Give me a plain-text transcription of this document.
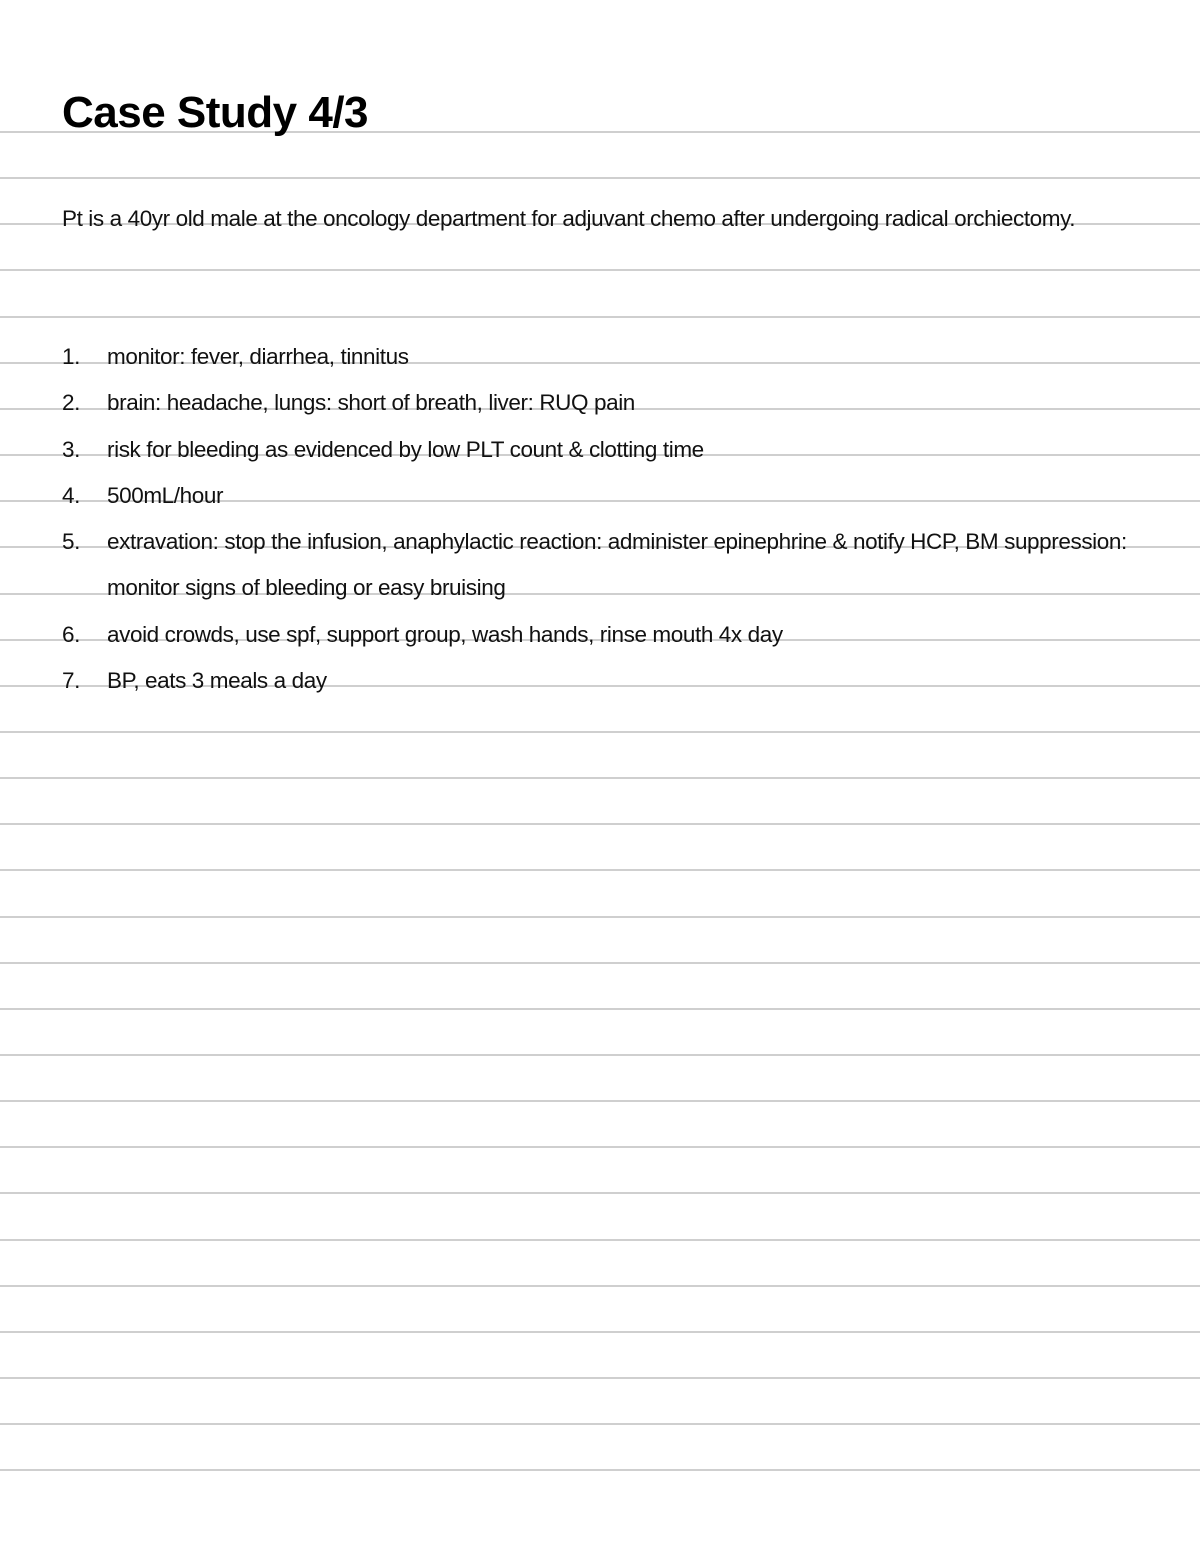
Case Study 4/3

Pt is a 40yr old male at the oncology department for adjuvant chemo after undergoing radical orchiectomy.

1. monitor: fever, diarrhea, tinnitus
2. brain: headache, lungs: short of breath, liver: RUQ pain
3. risk for bleeding as evidenced by low PLT count & clotting time
4. 500mL/hour
5. extravation: stop the infusion, anaphylactic reaction: administer epinephrine & notify HCP, BM suppression: monitor signs of bleeding or easy bruising
6. avoid crowds, use spf, support group, wash hands, rinse mouth 4x day
7. BP, eats 3 meals a day
